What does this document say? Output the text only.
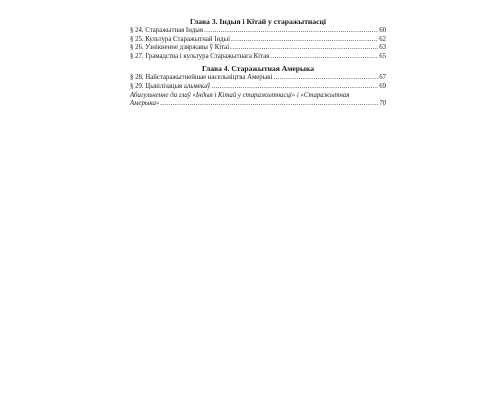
Глава 3. Індыя і Кітай у старажытнасці
§ 24. Старажытная Індыя .....	60
§ 25. Культура Старажытнай Індыі .....	62
§ 26. Узнікненне дзяржавы ў Кітаі .....	63
§ 27. Грамадства і культура Старажытнага Кітая .....	65
Глава 4. Старажытная Амерыка
§ 28. Найстаражытнейшае насельніцтва Амерыкі .....	67
§ 29. Цывілізацыя альмекаў .....	69
Абагульненне да глаў «Індыя і Кітай у старажытнасці» і «Старажытная
Амерыка» .....	70
